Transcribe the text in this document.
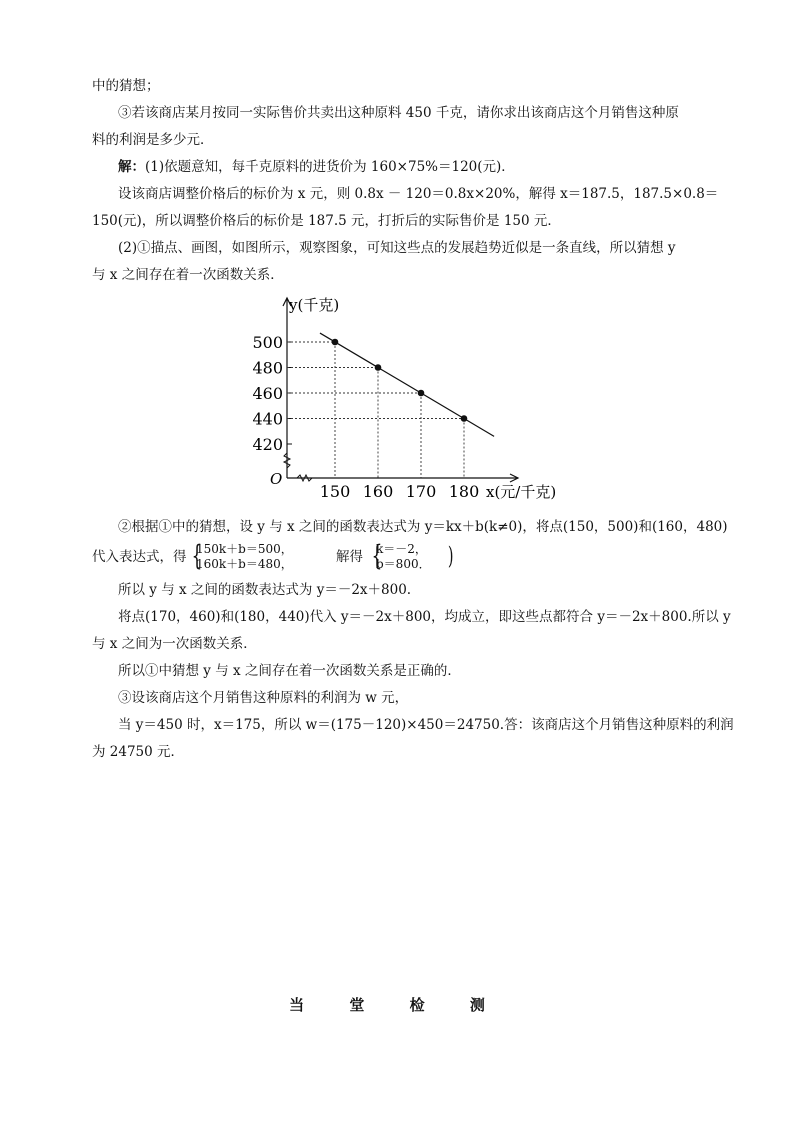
中的猜想；
③若该商店某月按同一实际售价共卖出这种原料 450 千克，请你求出该商店这个月销售这种原
料的利润是多少元．
解：(1)依题意知，每千克原料的进货价为 160×75%＝120(元)．
设该商店调整价格后的标价为 x 元，则 0.8x － 120＝0.8x×20%，解得 x＝187.5，187.5×0.8＝
150(元)，所以调整价格后的标价是 187.5 元，打折后的实际售价是 150 元．
(2)①描点、画图，如图所示，观察图象，可知这些点的发展趋势近似是一条直线，所以猜想 y
与 x 之间存在着一次函数关系．
y(千克)
x(元/千克)
O
420
440
460
480
500
150 160 170 180
②根据①中的猜想，设 y 与 x 之间的函数表达式为 y＝kx＋b(k≠0)，将点(150，500)和(160，480)
代入表达式，得 {
150k＋b＝500，
160k＋b＝480，	解得 {
k＝－2，
b＝800． )
所以 y 与 x 之间的函数表达式为 y＝－2x＋800.
将点(170，460)和(180，440)代入 y＝－2x＋800，均成立，即这些点都符合 y＝－2x＋800.所以 y
与 x 之间为一次函数关系．
所以①中猜想 y 与 x 之间存在着一次函数关系是正确的．
③设该商店这个月销售这种原料的利润为 w 元，
当 y＝450 时，x＝175，所以 w＝(175－120)×450＝24750.答：该商店这个月销售这种原料的利润
为 24750 元．
当 堂 检 测
